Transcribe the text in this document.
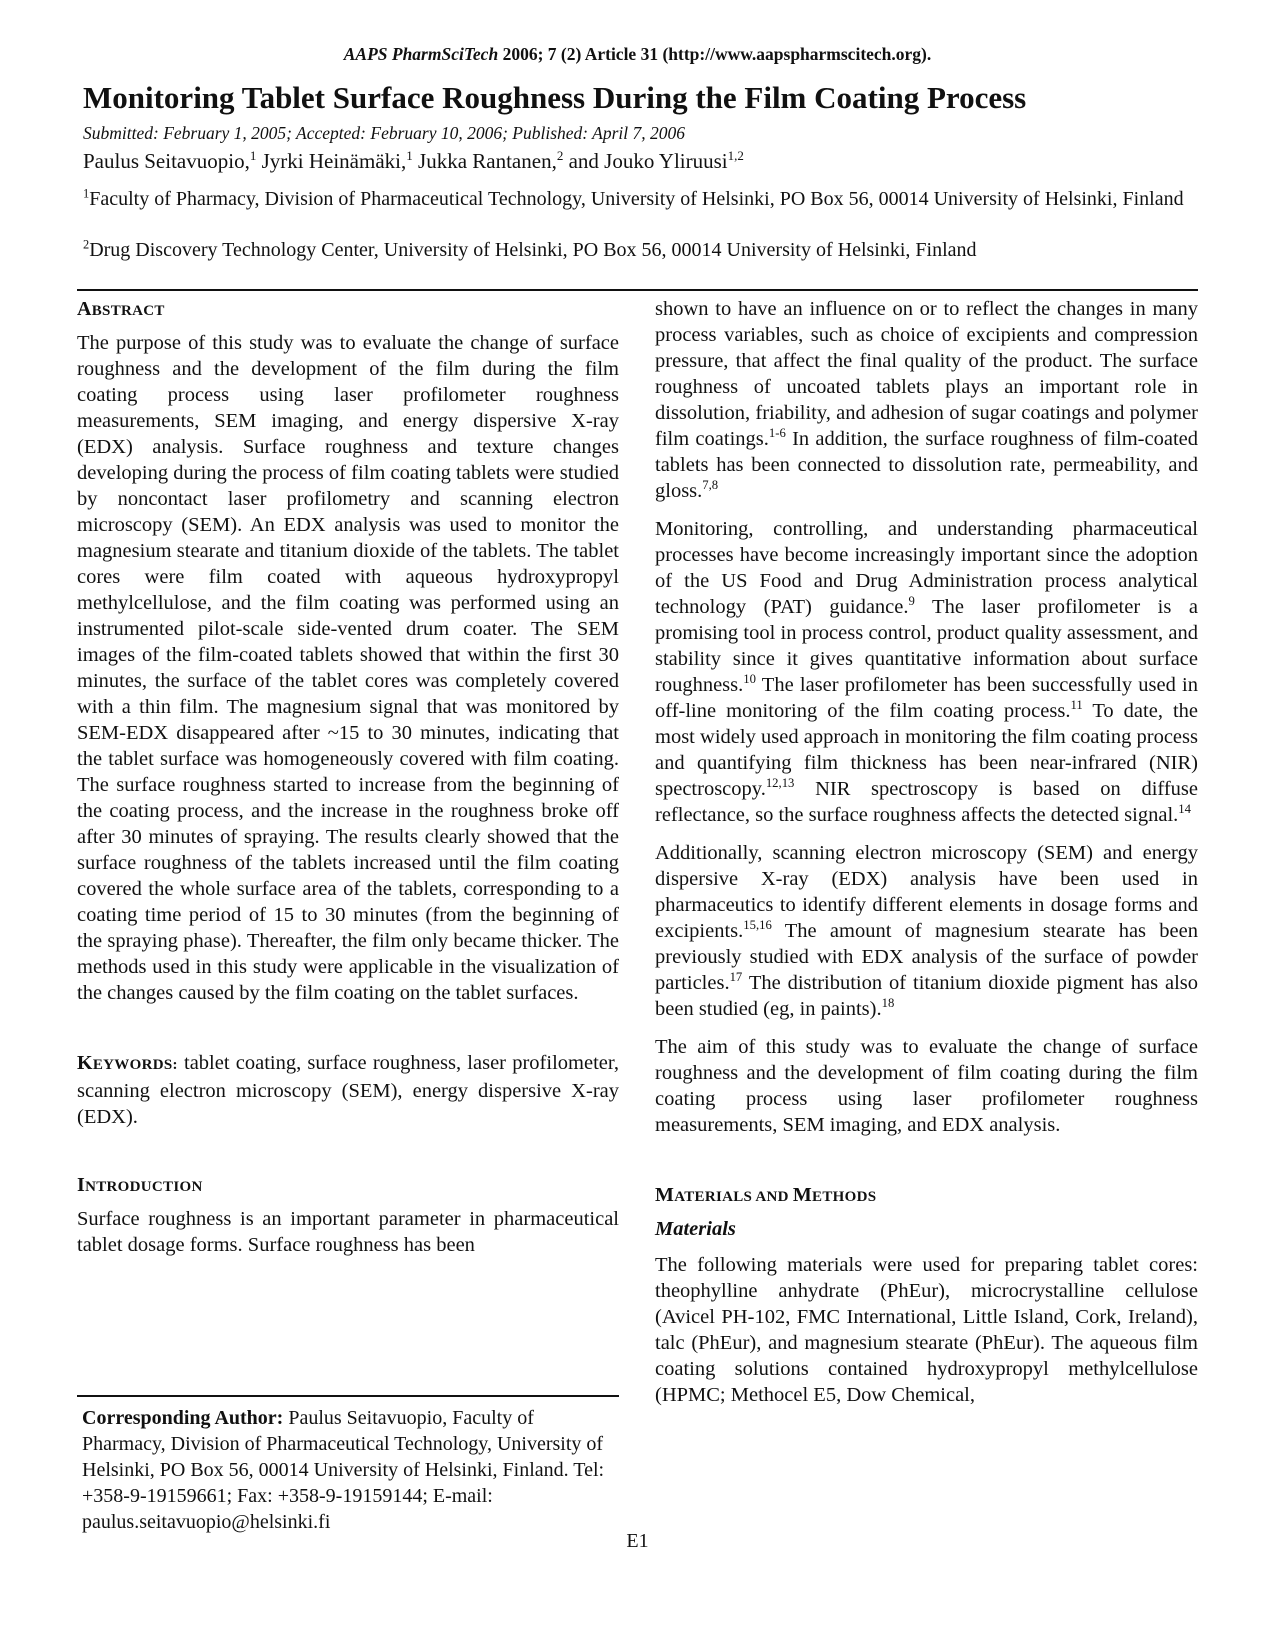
AAPS PharmSciTech 2006; 7 (2) Article 31 (http://www.aapspharmscitech.org).
Monitoring Tablet Surface Roughness During the Film Coating Process
Submitted: February 1, 2005; Accepted: February 10, 2006; Published: April 7, 2006
Paulus Seitavuopio,$^1$ Jyrki Heinämäki,$^1$ Jukka Rantanen,$^2$ and Jouko Yliruusi$^{1,2}$
$^1$Faculty of Pharmacy, Division of Pharmaceutical Technology, University of Helsinki, PO Box 56, 00014 University of Helsinki, Finland
$^2$Drug Discovery Technology Center, University of Helsinki, PO Box 56, 00014 University of Helsinki, Finland
ABSTRACT

The purpose of this study was to evaluate the change of surface roughness and the development of the film during the film coating process using laser profilometer roughness measurements, SEM imaging, and energy dispersive X-ray (EDX) analysis. Surface roughness and texture changes developing during the process of film coating tablets were studied by noncontact laser profilometry and scanning electron microscopy (SEM). An EDX analysis was used to monitor the magnesium stearate and titanium dioxide of the tablets. The tablet cores were film coated with aqueous hydroxypropyl methylcellulose, and the film coating was performed using an instrumented pilot-scale side-vented drum coater. The SEM images of the film-coated tablets showed that within the first 30 minutes, the surface of the tablet cores was completely covered with a thin film. The magnesium signal that was monitored by SEM-EDX disappeared after ~15 to 30 minutes, indicating that the tablet surface was homogeneously covered with film coating. The surface roughness started to increase from the beginning of the coating process, and the increase in the roughness broke off after 30 minutes of spraying. The results clearly showed that the surface roughness of the tablets increased until the film coating covered the whole surface area of the tablets, corresponding to a coating time period of 15 to 30 minutes (from the beginning of the spraying phase). Thereafter, the film only became thicker. The methods used in this study were applicable in the visualization of the changes caused by the film coating on the tablet surfaces.

KEYWORDS: tablet coating, surface roughness, laser profilometer, scanning electron microscopy (SEM), energy dispersive X-ray (EDX).

INTRODUCTION

Surface roughness is an important parameter in pharmaceutical tablet dosage forms. Surface roughness has been

Corresponding Author: Paulus Seitavuopio, Faculty of Pharmacy, Division of Pharmaceutical Technology, University of Helsinki, PO Box 56, 00014 University of Helsinki, Finland. Tel: +358-9-19159661; Fax: +358-9-19159144; E-mail: paulus.seitavuopio@helsinki.fi

shown to have an influence on or to reflect the changes in many process variables, such as choice of excipients and compression pressure, that affect the final quality of the product. The surface roughness of uncoated tablets plays an important role in dissolution, friability, and adhesion of sugar coatings and polymer film coatings.$^{1-6}$ In addition, the surface roughness of film-coated tablets has been connected to dissolution rate, permeability, and gloss.$^{7,8}$

Monitoring, controlling, and understanding pharmaceutical processes have become increasingly important since the adoption of the US Food and Drug Administration process analytical technology (PAT) guidance.$^9$ The laser profilometer is a promising tool in process control, product quality assessment, and stability since it gives quantitative information about surface roughness.$^{10}$ The laser profilometer has been successfully used in off-line monitoring of the film coating process.$^{11}$ To date, the most widely used approach in monitoring the film coating process and quantifying film thickness has been near-infrared (NIR) spectroscopy.$^{12,13}$ NIR spectroscopy is based on diffuse reflectance, so the surface roughness affects the detected signal.$^{14}$

Additionally, scanning electron microscopy (SEM) and energy dispersive X-ray (EDX) analysis have been used in pharmaceutics to identify different elements in dosage forms and excipients.$^{15,16}$ The amount of magnesium stearate has been previously studied with EDX analysis of the surface of powder particles.$^{17}$ The distribution of titanium dioxide pigment has also been studied (eg, in paints).$^{18}$

The aim of this study was to evaluate the change of surface roughness and the development of film coating during the film coating process using laser profilometer roughness measurements, SEM imaging, and EDX analysis.

MATERIALS AND METHODS
Materials

The following materials were used for preparing tablet cores: theophylline anhydrate (PhEur), microcrystalline cellulose (Avicel PH-102, FMC International, Little Island, Cork, Ireland), talc (PhEur), and magnesium stearate (PhEur). The aqueous film coating solutions contained hydroxypropyl methylcellulose (HPMC; Methocel E5, Dow Chemical,

E1
